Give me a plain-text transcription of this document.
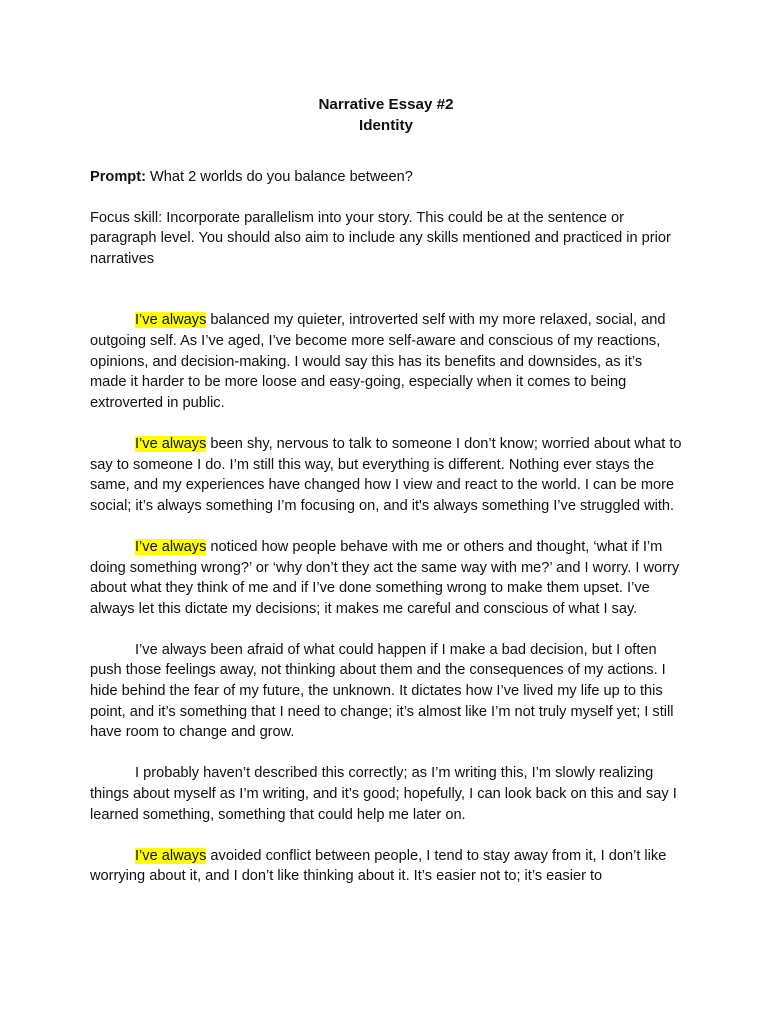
Narrative Essay #2

Identity

Prompt: What 2 worlds do you balance between?

Focus skill: Incorporate parallelism into your story. This could be at the sentence or paragraph level. You should also aim to include any skills mentioned and practiced in prior narratives

I’ve always balanced my quieter, introverted self with my more relaxed, social, and outgoing self. As I’ve aged, I’ve become more self-aware and conscious of my reactions, opinions, and decision-making. I would say this has its benefits and downsides, as it’s made it harder to be more loose and easy-going, especially when it comes to being extroverted in public.

I’ve always been shy, nervous to talk to someone I don’t know; worried about what to say to someone I do. I’m still this way, but everything is different. Nothing ever stays the same, and my experiences have changed how I view and react to the world. I can be more social; it’s always something I’m focusing on, and it's always something I’ve struggled with.

I’ve always noticed how people behave with me or others and thought, ‘what if I’m doing something wrong?’ or ‘why don’t they act the same way with me?’ and I worry. I worry about what they think of me and if I’ve done something wrong to make them upset. I’ve always let this dictate my decisions; it makes me careful and conscious of what I say.

I’ve always been afraid of what could happen if I make a bad decision, but I often push those feelings away, not thinking about them and the consequences of my actions. I hide behind the fear of my future, the unknown. It dictates how I’ve lived my life up to this point, and it’s something that I need to change; it’s almost like I’m not truly myself yet; I still have room to change and grow.

I probably haven’t described this correctly; as I’m writing this, I’m slowly realizing things about myself as I’m writing, and it’s good; hopefully, I can look back on this and say I learned something, something that could help me later on.

I’ve always avoided conflict between people, I tend to stay away from it, I don’t like worrying about it, and I don’t like thinking about it. It’s easier not to; it’s easier to
